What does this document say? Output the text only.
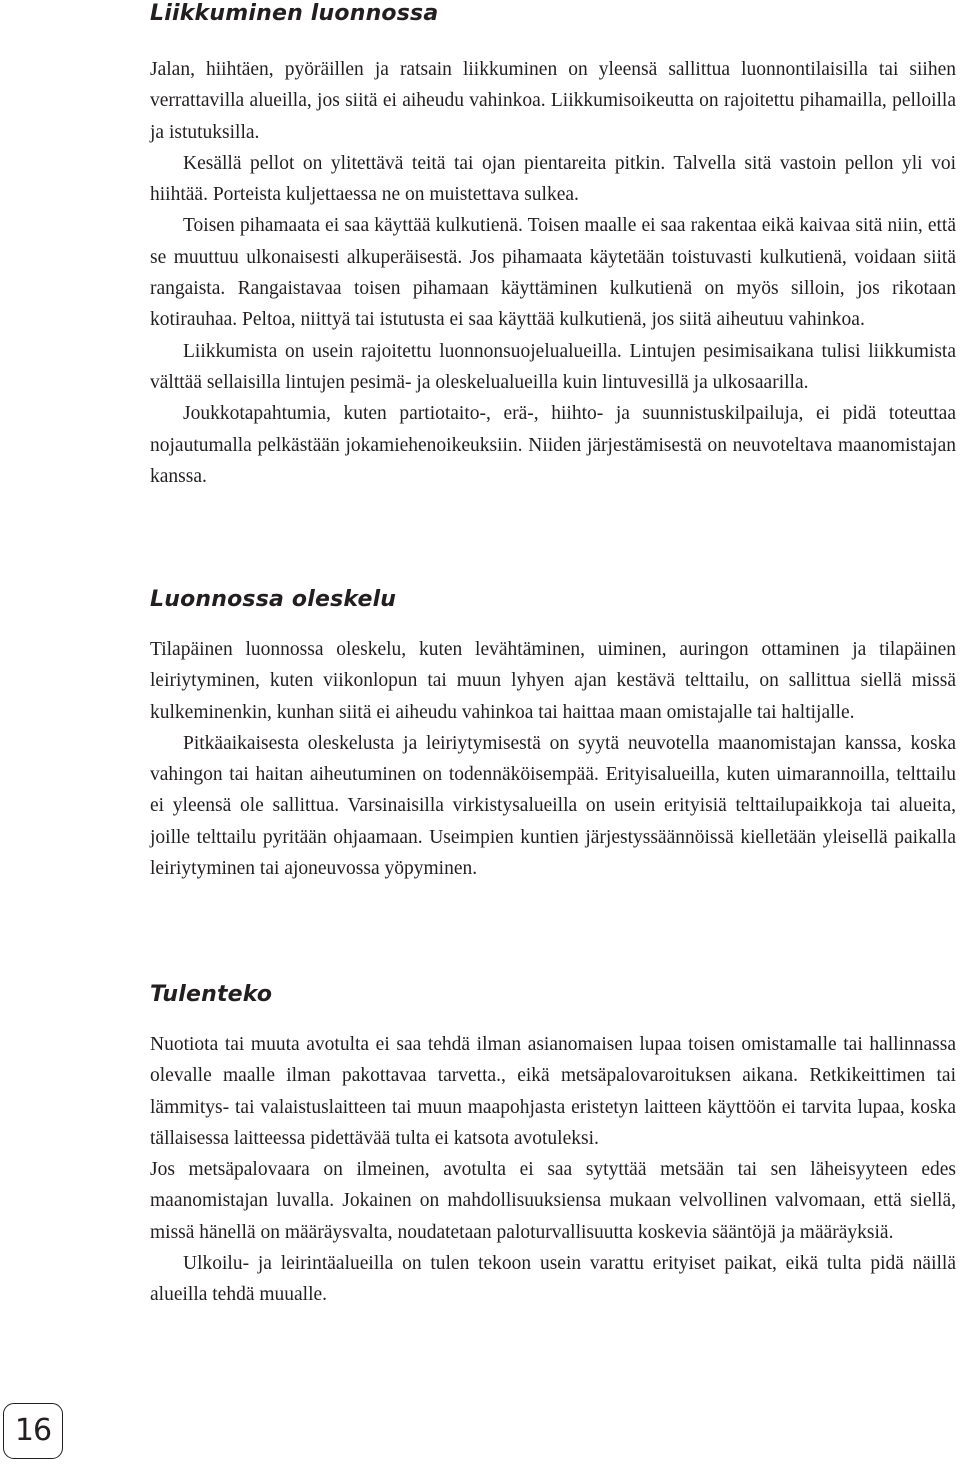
Liikkuminen luonnossa

Jalan, hiihtäen, pyöräillen ja ratsain liikkuminen on yleensä sallittua luonnontilaisilla tai siihen verrattavilla alueilla, jos siitä ei aiheudu vahinkoa. Liikkumisoikeutta on rajoitettu pihamailla, pelloilla ja istutuksilla.

Kesällä pellot on ylitettävä teitä tai ojan pientareita pitkin. Talvella sitä vastoin pellon yli voi hiihtää. Porteista kuljettaessa ne on muistettava sulkea.

Toisen pihamaata ei saa käyttää kulkutienä. Toisen maalle ei saa rakentaa eikä kaivaa sitä niin, että se muuttuu ulkonaisesti alkuperäisestä. Jos pihamaata käytetään toistuvasti kulkutienä, voidaan siitä rangaista. Rangaistavaa toisen pihamaan käyttäminen kulkutienä on myös silloin, jos rikotaan kotirauhaa. Peltoa, niittyä tai istutusta ei saa käyttää kulkutienä, jos siitä aiheutuu vahinkoa.

Liikkumista on usein rajoitettu luonnonsuojelualueilla. Lintujen pesimisaikana tulisi liikkumista välttää sellaisilla lintujen pesimä- ja oleskelualueilla kuin lintuvesillä ja ulkosaarilla.

Joukkotapahtumia, kuten partiotaito-, erä-, hiihto- ja suunnistuskilpailuja, ei pidä toteuttaa nojautumalla pelkästään jokamiehenoikeuksiin. Niiden järjestämisestä on neuvoteltava maanomistajan kanssa.

Luonnossa oleskelu

Tilapäinen luonnossa oleskelu, kuten levähtäminen, uiminen, auringon ottaminen ja tilapäinen leiriytyminen, kuten viikonlopun tai muun lyhyen ajan kestävä telttailu, on sallittua siellä missä kulkeminenkin, kunhan siitä ei aiheudu vahinkoa tai haittaa maan omistajalle tai haltijalle.

Pitkäaikaisesta oleskelusta ja leiriytymisestä on syytä neuvotella maanomistajan kanssa, koska vahingon tai haitan aiheutuminen on todennäköisempää. Erityisalueilla, kuten uimarannoilla, telttailu ei yleensä ole sallittua. Varsinaisilla virkistysalueilla on usein erityisiä telttailupaikkoja tai alueita, joille telttailu pyritään ohjaamaan. Useimpien kuntien järjestyssäännöissä kielletään yleisellä paikalla leiriytyminen tai ajoneuvossa yöpyminen.

Tulenteko

Nuotiota tai muuta avotulta ei saa tehdä ilman asianomaisen lupaa toisen omistamalle tai hallinnassa olevalle maalle ilman pakottavaa tarvetta., eikä metsäpalovaroituksen aikana. Retkikeittimen tai lämmitys- tai valaistuslaitteen tai muun maapohjasta eristetyn laitteen käyttöön ei tarvita lupaa, koska tällaisessa laitteessa pidettävää tulta ei katsota avotuleksi.

Jos metsäpalovaara on ilmeinen, avotulta ei saa sytyttää metsään tai sen läheisyyteen edes maanomistajan luvalla. Jokainen on mahdollisuuksiensa mukaan velvollinen valvomaan, että siellä, missä hänellä on määräysvalta, noudatetaan paloturvallisuutta koskevia sääntöjä ja määräyksiä.

Ulkoilu- ja leirintäalueilla on tulen tekoon usein varattu erityiset paikat, eikä tulta pidä näillä alueilla tehdä muualle.

16
